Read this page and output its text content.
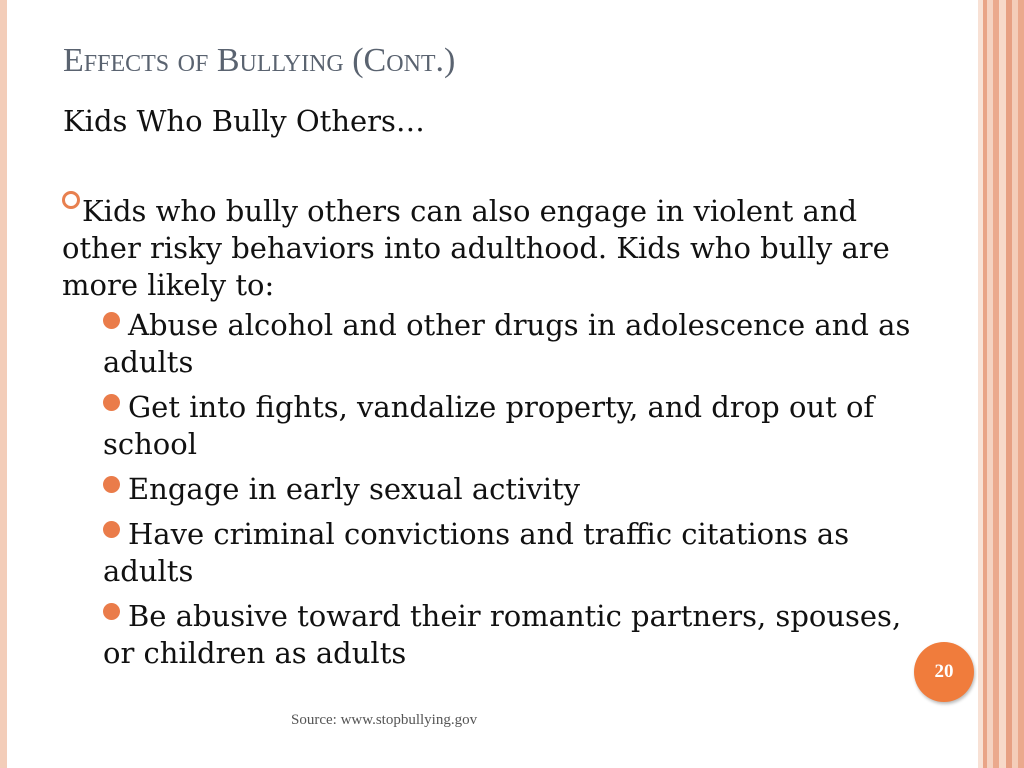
Effects of Bullying (Cont.)
Kids Who Bully Others…
Kids who bully others can also engage in violent and other risky behaviors into adulthood. Kids who bully are more likely to:
Abuse alcohol and other drugs in adolescence and as adults
Get into fights, vandalize property, and drop out of school
Engage in early sexual activity
Have criminal convictions and traffic citations as adults
Be abusive toward their romantic partners, spouses, or children as adults
20
Source: www.stopbullying.gov
